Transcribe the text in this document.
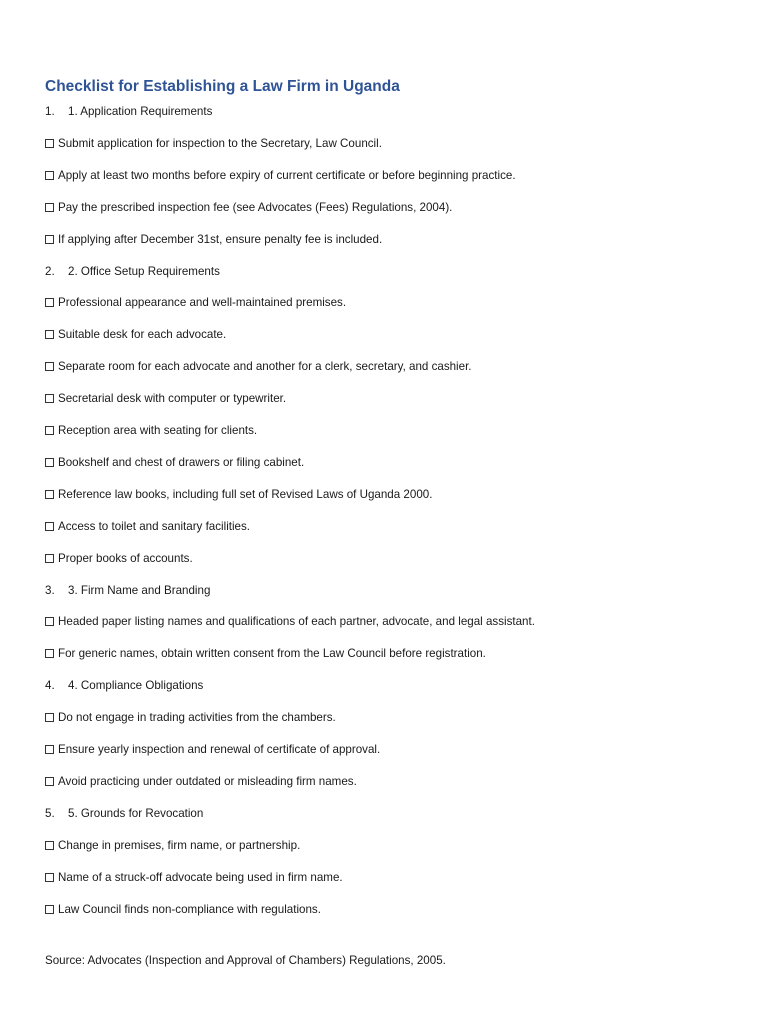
Checklist for Establishing a Law Firm in Uganda
1. 1. Application Requirements
Submit application for inspection to the Secretary, Law Council.
Apply at least two months before expiry of current certificate or before beginning practice.
Pay the prescribed inspection fee (see Advocates (Fees) Regulations, 2004).
If applying after December 31st, ensure penalty fee is included.
2. 2. Office Setup Requirements
Professional appearance and well-maintained premises.
Suitable desk for each advocate.
Separate room for each advocate and another for a clerk, secretary, and cashier.
Secretarial desk with computer or typewriter.
Reception area with seating for clients.
Bookshelf and chest of drawers or filing cabinet.
Reference law books, including full set of Revised Laws of Uganda 2000.
Access to toilet and sanitary facilities.
Proper books of accounts.
3. 3. Firm Name and Branding
Headed paper listing names and qualifications of each partner, advocate, and legal assistant.
For generic names, obtain written consent from the Law Council before registration.
4. 4. Compliance Obligations
Do not engage in trading activities from the chambers.
Ensure yearly inspection and renewal of certificate of approval.
Avoid practicing under outdated or misleading firm names.
5. 5. Grounds for Revocation
Change in premises, firm name, or partnership.
Name of a struck-off advocate being used in firm name.
Law Council finds non-compliance with regulations.
Source: Advocates (Inspection and Approval of Chambers) Regulations, 2005.
